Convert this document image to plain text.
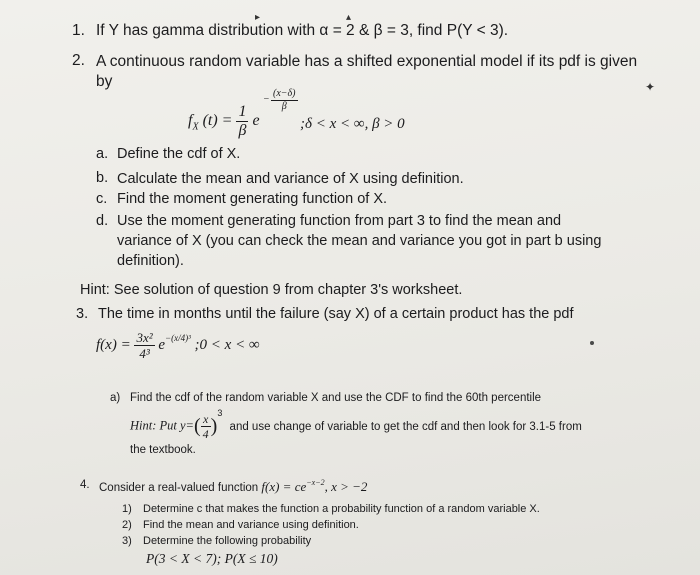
1. If Y has gamma distribution with α = 2 & β = 3, find P(Y < 3).
2. A continuous random variable has a shifted exponential model if its pdf is given
by
$f_X$ $(t) = \frac{1}{\beta}$ e
− $\frac{(x-\delta)}{\beta}$
;δ < x < ∞, β > 0
a. Define the cdf of X.
b. Calculate the mean and variance of X using definition.
c. Find the moment generating function of X.
d. Use the moment generating function from part 3 to find the mean and
variance of X (you can check the mean and variance you got in part b using
definition).
Hint: See solution of question 9 from chapter 3's worksheet.
3. The time in months until the failure (say X) of a certain product has the pdf
$f(x) = \frac{\text{3x²}}{\text{4³}} e^{-(x/4)^3}$ ;0 < x < ∞
a) Find the cdf of the random variable X and use the CDF to find the 60th percentile
Hint: Put $y=( \frac{x}{4} )^3$ and use change of variable to get the cdf and then look for 3.1-5 from
the textbook.
4. Consider a real-valued function $f(x) = ce^{-x-2}$, x > −2
1) Determine c that makes the function a probability function of a random variable X.
2) Find the mean and variance using definition.
3) Determine the following probability
P(3 < X < 7); P(X ≤ 10)
▸	▴
✦
